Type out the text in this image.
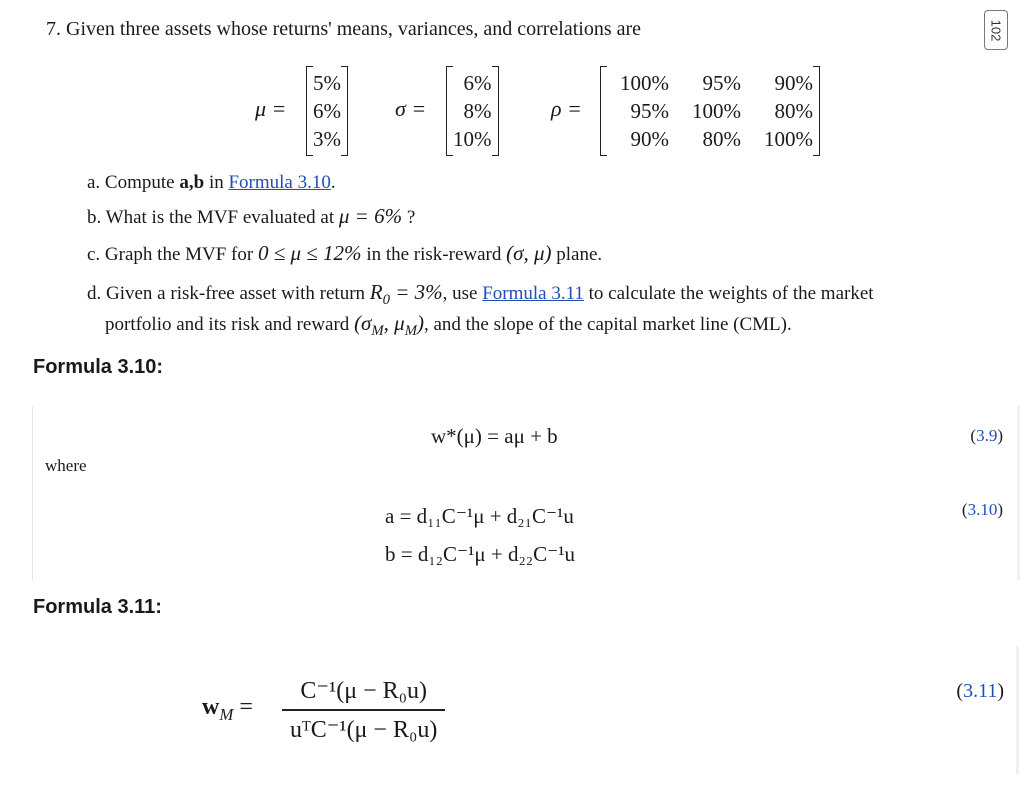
7. Given three assets whose returns' means, variances, and correlations are	102
μ =
5%
6%
3%
σ =
6%
8%
10%
ρ =
100%	95%	90%
95%	100%	80%
90%	80%	100%
a. Compute a,b in Formula 3.10.
b. What is the MVF evaluated at μ = 6% ?
c. Graph the MVF for 0 ≤ μ ≤ 12% in the risk-reward (σ, μ) plane.
d. Given a risk-free asset with return $R_0 = 3\%$, use Formula 3.11 to calculate the weights of the market
portfolio and its risk and reward ($\sigma_M$, $\mu_M$), and the slope of the capital market line (CML).
Formula 3.10:
w*(μ) = aμ + b	(3.9)
where
a = d₁₁C⁻¹μ + d₂₁C⁻¹u	(3.10)
b = d₁₂C⁻¹μ + d₂₂C⁻¹u
Formula 3.11:
$w_M$ =
C⁻¹(μ − R₀u)
uᵀC⁻¹(μ − R₀u)
(3.11)
